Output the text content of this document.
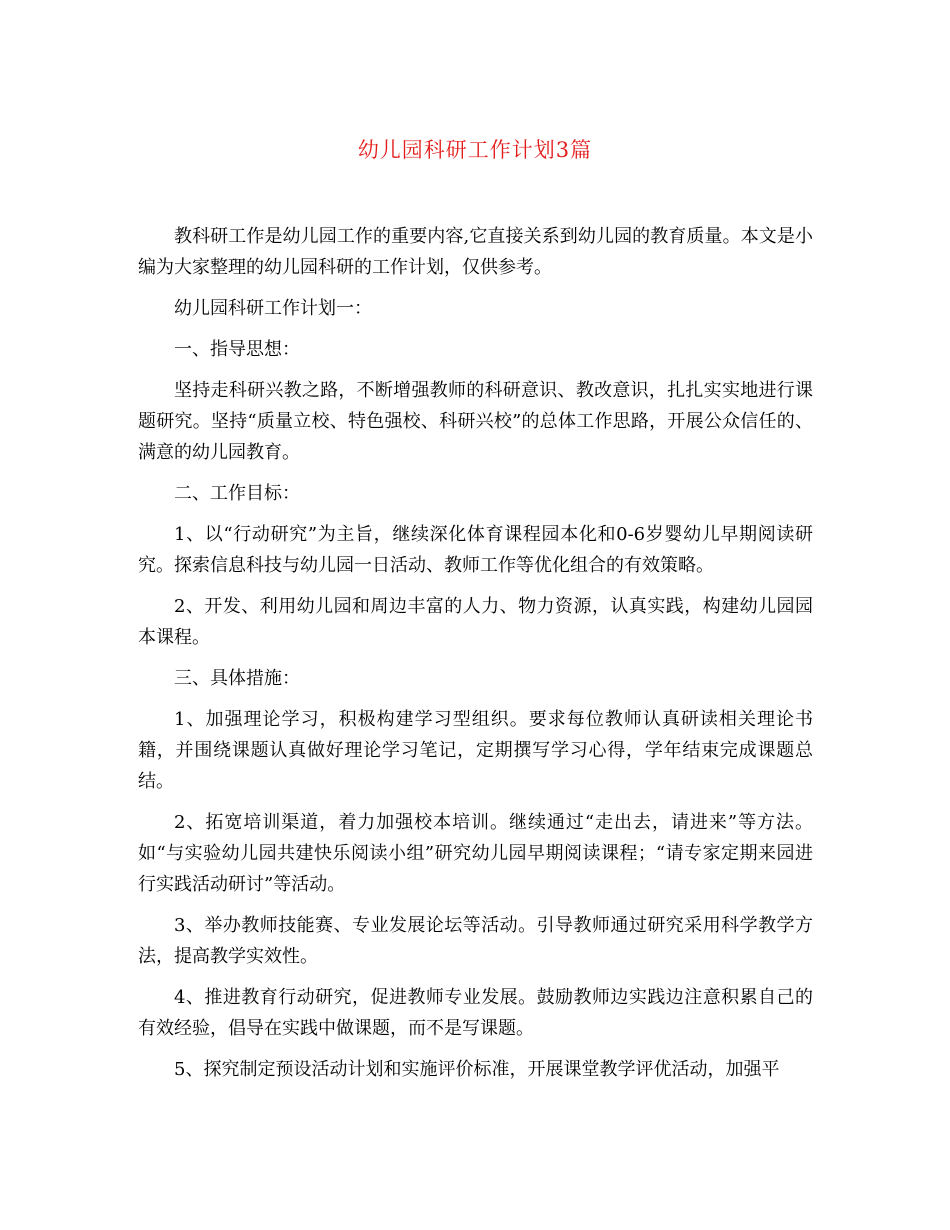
幼儿园科研工作计划3篇

教科研工作是幼儿园工作的重要内容,它直接关系到幼儿园的教育质量。本文是小编为大家整理的幼儿园科研的工作计划，仅供参考。

幼儿园科研工作计划一：

一、指导思想：

坚持走科研兴教之路，不断增强教师的科研意识、教改意识，扎扎实实地进行课题研究。坚持“质量立校、特色强校、科研兴校”的总体工作思路，开展公众信任的、满意的幼儿园教育。

二、工作目标：

1、以“行动研究”为主旨，继续深化体育课程园本化和0-6岁婴幼儿早期阅读研究。探索信息科技与幼儿园一日活动、教师工作等优化组合的有效策略。

2、开发、利用幼儿园和周边丰富的人力、物力资源，认真实践，构建幼儿园园本课程。

三、具体措施：

1、加强理论学习，积极构建学习型组织。要求每位教师认真研读相关理论书籍，并围绕课题认真做好理论学习笔记，定期撰写学习心得，学年结束完成课题总结。

2、拓宽培训渠道，着力加强校本培训。继续通过“走出去，请进来”等方法。如“与实验幼儿园共建快乐阅读小组”研究幼儿园早期阅读课程；“请专家定期来园进行实践活动研讨”等活动。

3、举办教师技能赛、专业发展论坛等活动。引导教师通过研究采用科学教学方法，提高教学实效性。

4、推进教育行动研究，促进教师专业发展。鼓励教师边实践边注意积累自己的有效经验，倡导在实践中做课题，而不是写课题。

5、探究制定预设活动计划和实施评价标准，开展课堂教学评优活动，加强平
